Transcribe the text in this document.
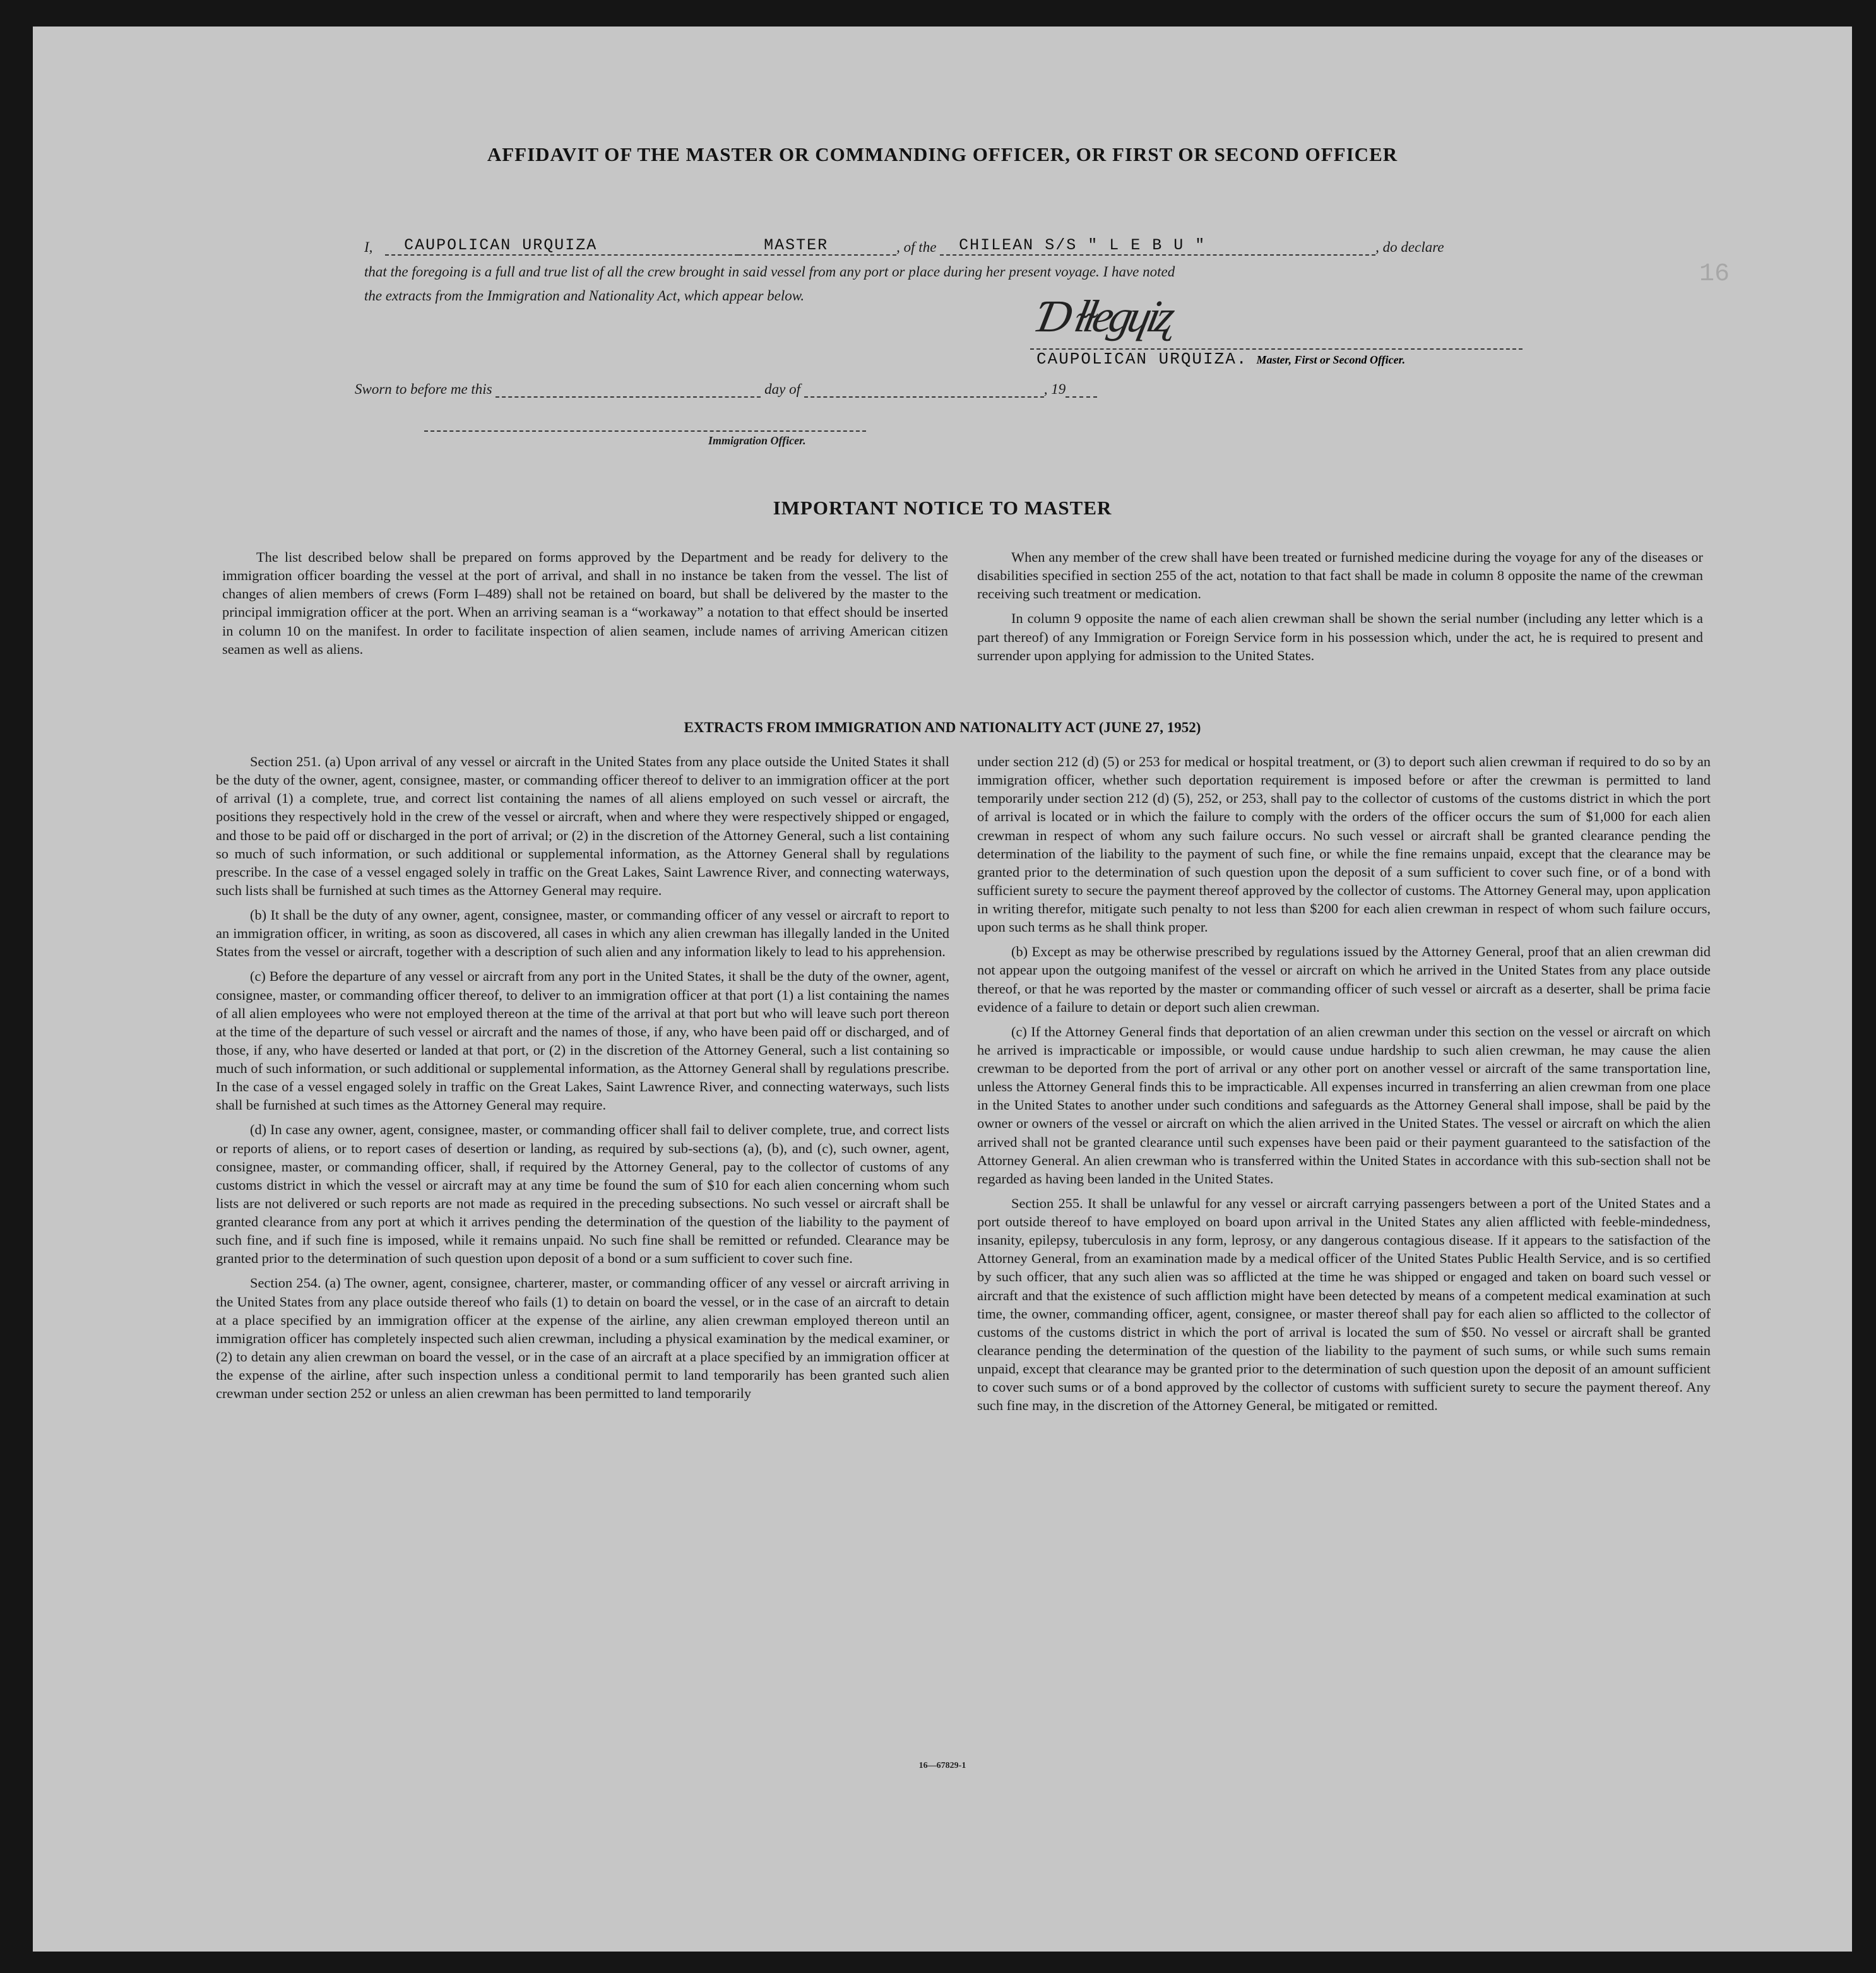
16
AFFIDAVIT OF THE MASTER OR COMMANDING OFFICER, OR FIRST OR SECOND OFFICER
I, CAUPOLICAN URQUIZA	MASTER	, of the CHILEAN S/S " L E B U "	, do declare
that the foregoing is a full and true list of all the crew brought in said vessel from any port or place during her present voyage. I have noted
the extracts from the Immigration and Nationality Act, which appear below.	Ɗ ɫɫegɥiʐ
CAUPOLICAN URQUIZA. Master, First or Second Officer.
Sworn to before me this	day of	, 19
Immigration Officer.
IMPORTANT NOTICE TO MASTER

The list described below shall be prepared on forms approved by the Department and be ready for delivery to the immigration officer boarding the vessel at the port of arrival, and shall in no instance be taken from the vessel. The list of changes of alien members of crews (Form I–489) shall not be retained on board, but shall be delivered by the master to the principal immigration officer at the port. When an arriving seaman is a “workaway” a notation to that effect should be inserted in column 10 on the manifest. In order to facilitate inspection of alien seamen, include names of arriving American citizen seamen as well as aliens.

When any member of the crew shall have been treated or furnished medicine during the voyage for any of the diseases or disabilities specified in section 255 of the act, notation to that fact shall be made in column 8 opposite the name of the crewman receiving such treatment or medication.

In column 9 opposite the name of each alien crewman shall be shown the serial number (including any letter which is a part thereof) of any Immigration or Foreign Service form in his possession which, under the act, he is required to present and surrender upon applying for admission to the United States.

EXTRACTS FROM IMMIGRATION AND NATIONALITY ACT (JUNE 27, 1952)

Section 251. (a) Upon arrival of any vessel or aircraft in the United States from any place outside the United States it shall be the duty of the owner, agent, consignee, master, or commanding officer thereof to deliver to an immigration officer at the port of arrival (1) a complete, true, and correct list containing the names of all aliens employed on such vessel or aircraft, the positions they respectively hold in the crew of the vessel or aircraft, when and where they were respectively shipped or engaged, and those to be paid off or discharged in the port of arrival; or (2) in the discretion of the Attorney General, such a list containing so much of such information, or such additional or supplemental information, as the Attorney General shall by regulations prescribe. In the case of a vessel engaged solely in traffic on the Great Lakes, Saint Lawrence River, and connecting waterways, such lists shall be furnished at such times as the Attorney General may require.

(b) It shall be the duty of any owner, agent, consignee, master, or commanding officer of any vessel or aircraft to report to an immigration officer, in writing, as soon as discovered, all cases in which any alien crewman has illegally landed in the United States from the vessel or aircraft, together with a description of such alien and any information likely to lead to his apprehension.

(c) Before the departure of any vessel or aircraft from any port in the United States, it shall be the duty of the owner, agent, consignee, master, or commanding officer thereof, to deliver to an immigration officer at that port (1) a list containing the names of all alien employees who were not employed thereon at the time of the arrival at that port but who will leave such port thereon at the time of the departure of such vessel or aircraft and the names of those, if any, who have been paid off or discharged, and of those, if any, who have deserted or landed at that port, or (2) in the discretion of the Attorney General, such a list containing so much of such information, or such additional or supplemental information, as the Attorney General shall by regulations prescribe. In the case of a vessel engaged solely in traffic on the Great Lakes, Saint Lawrence River, and connecting waterways, such lists shall be furnished at such times as the Attorney General may require.

(d) In case any owner, agent, consignee, master, or commanding officer shall fail to deliver complete, true, and correct lists or reports of aliens, or to report cases of desertion or landing, as required by sub-sections (a), (b), and (c), such owner, agent, consignee, master, or commanding officer, shall, if required by the Attorney General, pay to the collector of customs of any customs district in which the vessel or aircraft may at any time be found the sum of $10 for each alien concerning whom such lists are not delivered or such reports are not made as required in the preceding subsections. No such vessel or aircraft shall be granted clearance from any port at which it arrives pending the determination of the question of the liability to the payment of such fine, and if such fine is imposed, while it remains unpaid. No such fine shall be remitted or refunded. Clearance may be granted prior to the determination of such question upon deposit of a bond or a sum sufficient to cover such fine.

Section 254. (a) The owner, agent, consignee, charterer, master, or commanding officer of any vessel or aircraft arriving in the United States from any place outside thereof who fails (1) to detain on board the vessel, or in the case of an aircraft to detain at a place specified by an immigration officer at the expense of the airline, any alien crewman employed thereon until an immigration officer has completely inspected such alien crewman, including a physical examination by the medical examiner, or (2) to detain any alien crewman on board the vessel, or in the case of an aircraft at a place specified by an immigration officer at the expense of the airline, after such inspection unless a conditional permit to land temporarily has been granted such alien crewman under section 252 or unless an alien crewman has been permitted to land temporarily

under section 212 (d) (5) or 253 for medical or hospital treatment, or (3) to deport such alien crewman if required to do so by an immigration officer, whether such deportation requirement is imposed before or after the crewman is permitted to land temporarily under section 212 (d) (5), 252, or 253, shall pay to the collector of customs of the customs district in which the port of arrival is located or in which the failure to comply with the orders of the officer occurs the sum of $1,000 for each alien crewman in respect of whom any such failure occurs. No such vessel or aircraft shall be granted clearance pending the determination of the liability to the payment of such fine, or while the fine remains unpaid, except that the clearance may be granted prior to the determination of such question upon the deposit of a sum sufficient to cover such fine, or of a bond with sufficient surety to secure the payment thereof approved by the collector of customs. The Attorney General may, upon application in writing therefor, mitigate such penalty to not less than $200 for each alien crewman in respect of whom such failure occurs, upon such terms as he shall think proper.

(b) Except as may be otherwise prescribed by regulations issued by the Attorney General, proof that an alien crewman did not appear upon the outgoing manifest of the vessel or aircraft on which he arrived in the United States from any place outside thereof, or that he was reported by the master or commanding officer of such vessel or aircraft as a deserter, shall be prima facie evidence of a failure to detain or deport such alien crewman.

(c) If the Attorney General finds that deportation of an alien crewman under this section on the vessel or aircraft on which he arrived is impracticable or impossible, or would cause undue hardship to such alien crewman, he may cause the alien crewman to be deported from the port of arrival or any other port on another vessel or aircraft of the same transportation line, unless the Attorney General finds this to be impracticable. All expenses incurred in transferring an alien crewman from one place in the United States to another under such conditions and safeguards as the Attorney General shall impose, shall be paid by the owner or owners of the vessel or aircraft on which the alien arrived in the United States. The vessel or aircraft on which the alien arrived shall not be granted clearance until such expenses have been paid or their payment guaranteed to the satisfaction of the Attorney General. An alien crewman who is transferred within the United States in accordance with this sub-section shall not be regarded as having been landed in the United States.

Section 255. It shall be unlawful for any vessel or aircraft carrying passengers between a port of the United States and a port outside thereof to have employed on board upon arrival in the United States any alien afflicted with feeble-mindedness, insanity, epilepsy, tuberculosis in any form, leprosy, or any dangerous contagious disease. If it appears to the satisfaction of the Attorney General, from an examination made by a medical officer of the United States Public Health Service, and is so certified by such officer, that any such alien was so afflicted at the time he was shipped or engaged and taken on board such vessel or aircraft and that the existence of such affliction might have been detected by means of a competent medical examination at such time, the owner, commanding officer, agent, consignee, or master thereof shall pay for each alien so afflicted to the collector of customs of the customs district in which the port of arrival is located the sum of $50. No vessel or aircraft shall be granted clearance pending the determination of the question of the liability to the payment of such sums, or while such sums remain unpaid, except that clearance may be granted prior to the determination of such question upon the deposit of an amount sufficient to cover such sums or of a bond approved by the collector of customs with sufficient surety to secure the payment thereof. Any such fine may, in the discretion of the Attorney General, be mitigated or remitted.

16—67829-1
